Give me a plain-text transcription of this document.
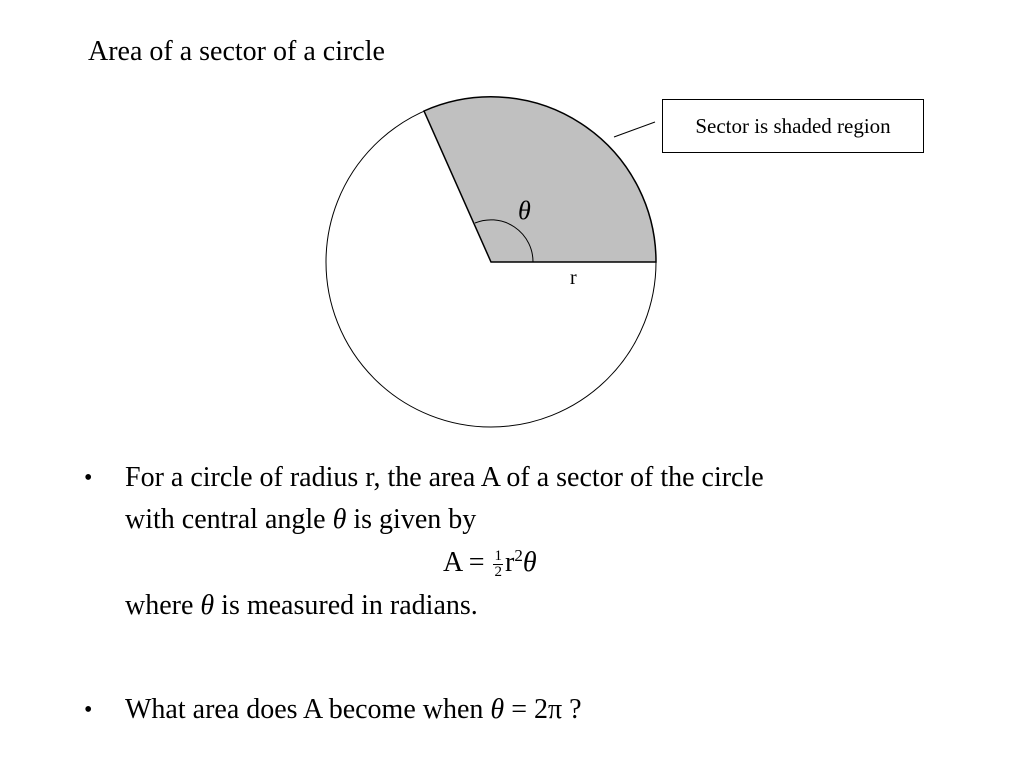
Area of a sector of a circle
θ
r
Sector is shaded region
• For a circle of radius r, the area A of a sector of the circle
with central angle θ is given by
$A = \frac{1}{2} r^2\theta$
where θ is measured in radians.
• What area does A become when θ = 2π ?
